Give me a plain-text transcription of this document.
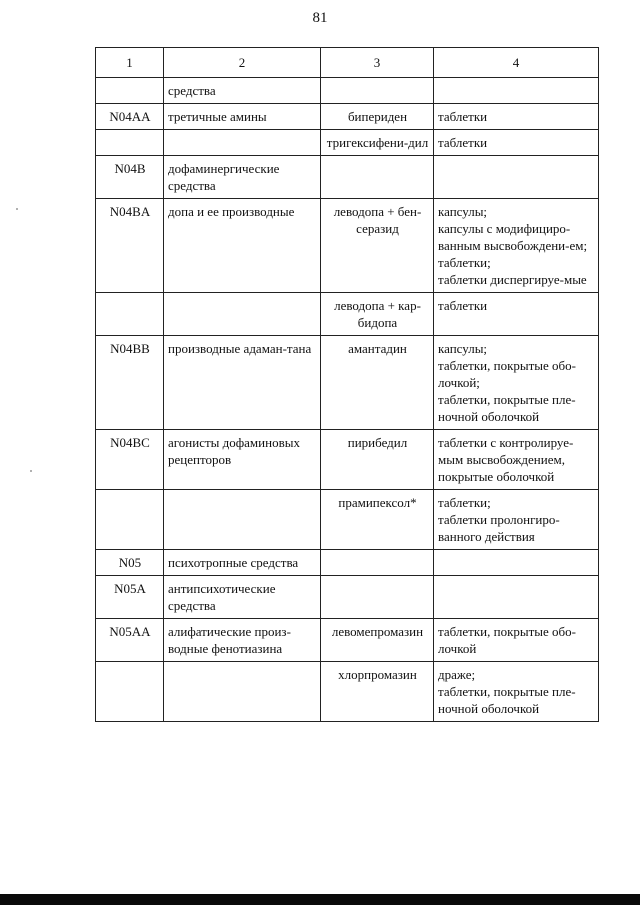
81
1	2	3	4
	средства		
N04AA	третичные амины	бипериден	таблетки

		тригексифени-дил	таблетки

N04B	дофаминергические средства		
N04BA	допа и ее производные	леводопа + бен-серазид	капсулы;
капсулы с модифициро-ванным высвобождени-ем;
таблетки;
таблетки диспергируе-мые

		леводопа + кар-бидопа	таблетки

N04BB	производные адаман-тана	амантадин	капсулы;
таблетки, покрытые обо-лочкой;
таблетки, покрытые пле-ночной оболочкой

N04BC	агонисты дофаминовых рецепторов	пирибедил	таблетки с контролируе-мым высвобождением, покрытые оболочкой

		прамипексол*	таблетки;
таблетки пролонгиро-ванного действия

N05	психотропные средства		
N05A	антипсихотические средства		
N05AA	алифатические произ-водные фенотиазина	левомепромазин	таблетки, покрытые обо-лочкой

		хлорпромазин	драже;
таблетки, покрытые пле-ночной оболочкой
